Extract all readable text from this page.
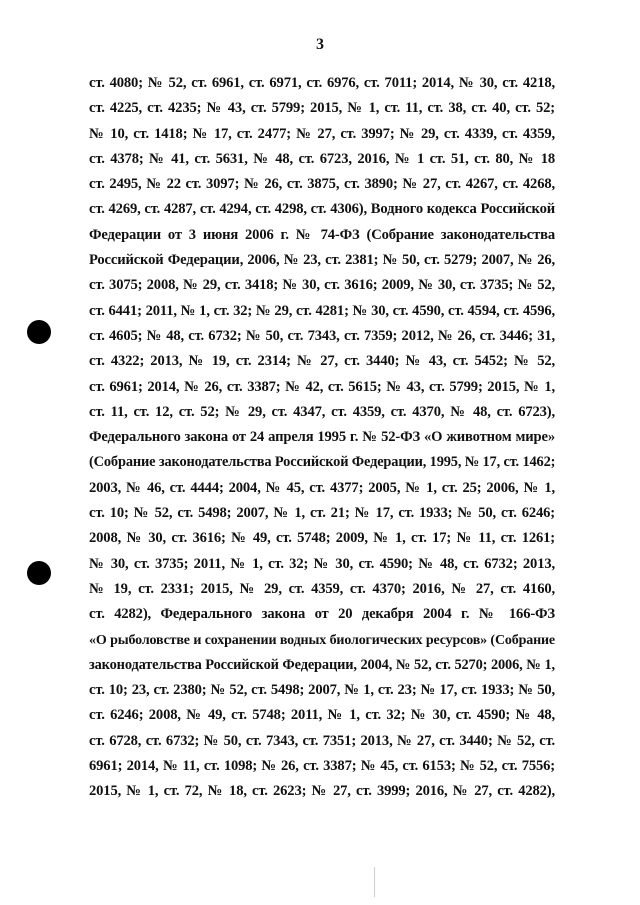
3
ст. 4080; № 52, ст. 6961, ст. 6971, ст. 6976, ст. 7011; 2014, № 30, ст. 4218,
ст. 4225, ст. 4235; № 43, ст. 5799; 2015, № 1, ст. 11, ст. 38, ст. 40, ст. 52;
№ 10, ст. 1418; № 17, ст. 2477; № 27, ст. 3997; № 29, ст. 4339, ст. 4359,
ст. 4378; № 41, ст. 5631, № 48, ст. 6723, 2016, № 1 ст. 51, ст. 80, № 18
ст. 2495, № 22 ст. 3097; № 26, ст. 3875, ст. 3890; № 27, ст. 4267, ст. 4268,
ст. 4269, ст. 4287, ст. 4294, ст. 4298, ст. 4306), Водного кодекса Российской
Федерации от 3 июня 2006 г. № 74-ФЗ (Собрание законодательства
Российской Федерации, 2006, № 23, ст. 2381; № 50, ст. 5279; 2007, № 26,
ст. 3075; 2008, № 29, ст. 3418; № 30, ст. 3616; 2009, № 30, ст. 3735; № 52,
ст. 6441; 2011, № 1, ст. 32; № 29, ст. 4281; № 30, ст. 4590, ст. 4594, ст. 4596,
ст. 4605; № 48, ст. 6732; № 50, ст. 7343, ст. 7359; 2012, № 26, ст. 3446; 31,
ст. 4322; 2013, № 19, ст. 2314; № 27, ст. 3440; № 43, ст. 5452; № 52,
ст. 6961; 2014, № 26, ст. 3387; № 42, ст. 5615; № 43, ст. 5799; 2015, № 1,
ст. 11, ст. 12, ст. 52; № 29, ст. 4347, ст. 4359, ст. 4370, № 48, ст. 6723),
Федерального закона от 24 апреля 1995 г. № 52-ФЗ «О животном мире»
(Собрание законодательства Российской Федерации, 1995, № 17, ст. 1462;
2003, № 46, ст. 4444; 2004, № 45, ст. 4377; 2005, № 1, ст. 25; 2006, № 1,
ст. 10; № 52, ст. 5498; 2007, № 1, ст. 21; № 17, ст. 1933; № 50, ст. 6246;
2008, № 30, ст. 3616; № 49, ст. 5748; 2009, № 1, ст. 17; № 11, ст. 1261;
№ 30, ст. 3735; 2011, № 1, ст. 32; № 30, ст. 4590; № 48, ст. 6732; 2013,
№ 19, ст. 2331; 2015, № 29, ст. 4359, ст. 4370; 2016, № 27, ст. 4160,
ст. 4282), Федерального закона от 20 декабря 2004 г. № 166-ФЗ
«О рыболовстве и сохранении водных биологических ресурсов» (Собрание
законодательства Российской Федерации, 2004, № 52, ст. 5270; 2006, № 1,
ст. 10; 23, ст. 2380; № 52, ст. 5498; 2007, № 1, ст. 23; № 17, ст. 1933; № 50,
ст. 6246; 2008, № 49, ст. 5748; 2011, № 1, ст. 32; № 30, ст. 4590; № 48,
ст. 6728, ст. 6732; № 50, ст. 7343, ст. 7351; 2013, № 27, ст. 3440; № 52, ст.
6961; 2014, № 11, ст. 1098; № 26, ст. 3387; № 45, ст. 6153; № 52, ст. 7556;
2015, № 1, ст. 72, № 18, ст. 2623; № 27, ст. 3999; 2016, № 27, ст. 4282),
